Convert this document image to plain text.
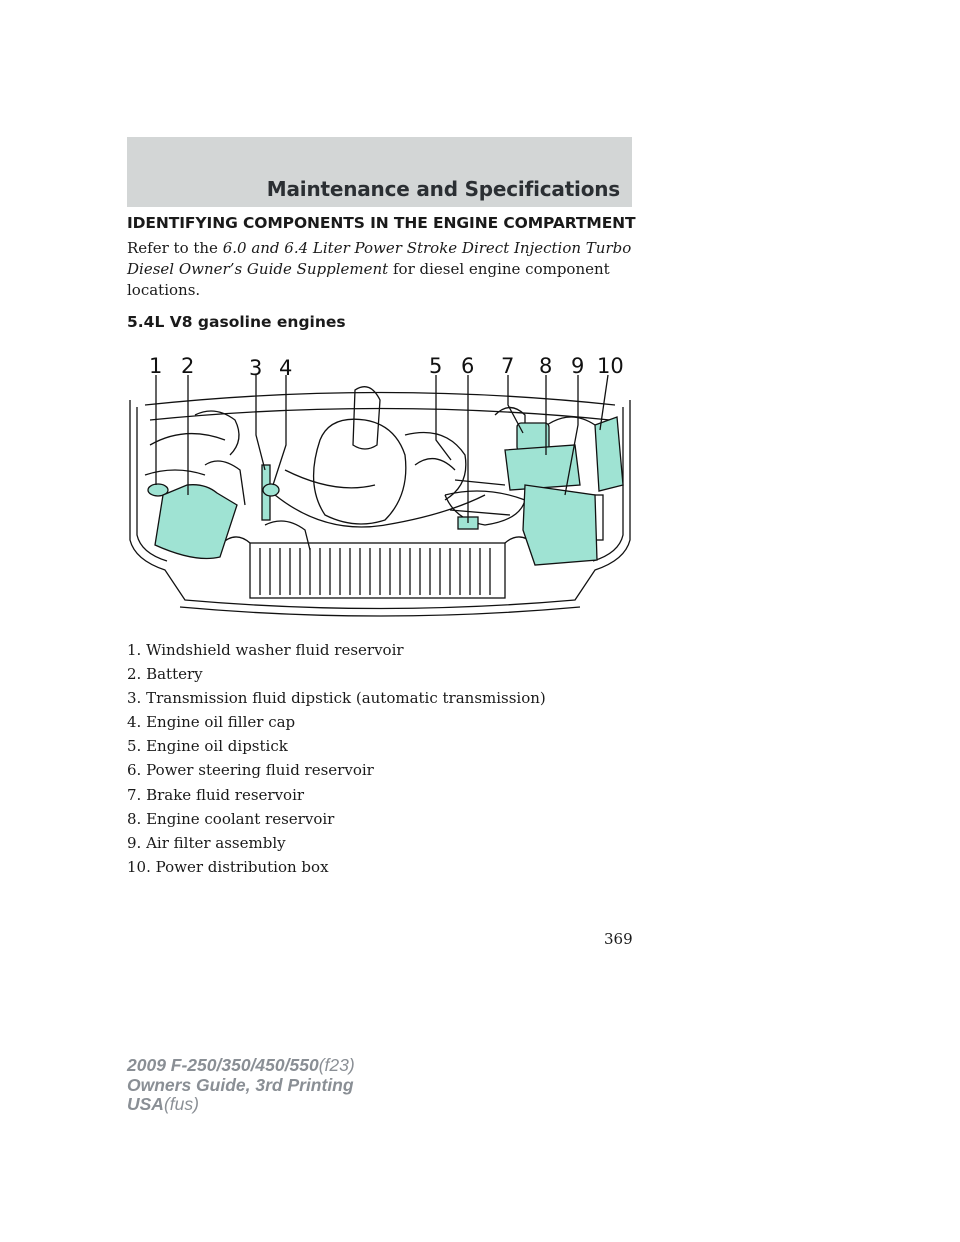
Maintenance and Specifications
IDENTIFYING COMPONENTS IN THE ENGINE COMPARTMENT
Refer to the 6.0 and 6.4 Liter Power Stroke Direct Injection Turbo Diesel Owner’s Guide Supplement for diesel engine component locations.
5.4L V8 gasoline engines
1 2	3 4	5 6 7 8 9 10
1. Windshield washer fluid reservoir
2. Battery
3. Transmission fluid dipstick (automatic transmission)
4. Engine oil filler cap
5. Engine oil dipstick
6. Power steering fluid reservoir
7. Brake fluid reservoir
8. Engine coolant reservoir
9. Air filter assembly
10. Power distribution box
369
2009 F-250/350/450/550(f23)
Owners Guide, 3rd Printing
USA(fus)
